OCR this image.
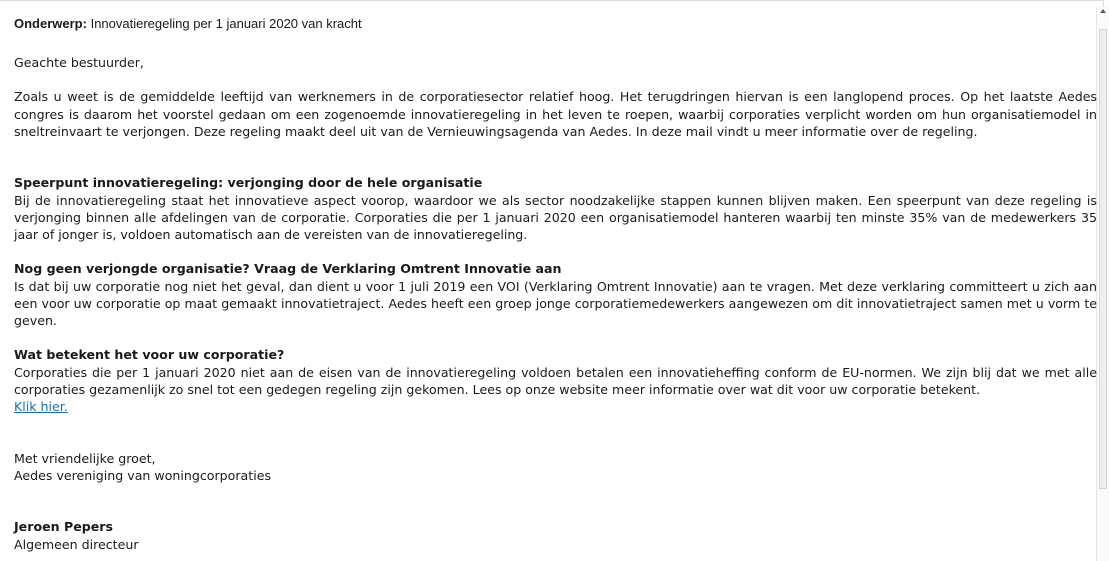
Onderwerp: Innovatieregeling per 1 januari 2020 van kracht

Geachte bestuurder,

Zoals u weet is de gemiddelde leeftijd van werknemers in de corporatiesector relatief hoog. Het terugdringen hiervan is een langlopend proces. Op het laatste Aedes congres is daarom het voorstel gedaan om een zogenoemde innovatieregeling in het leven te roepen, waarbij corporaties verplicht worden om hun organisatiemodel in sneltreinvaart te verjongen. Deze regeling maakt deel uit van de Vernieuwingsagenda van Aedes. In deze mail vindt u meer informatie over de regeling.

Speerpunt innovatieregeling: verjonging door de hele organisatie

Bij de innovatieregeling staat het innovatieve aspect voorop, waardoor we als sector noodzakelijke stappen kunnen blijven maken. Een speerpunt van deze regeling is verjonging binnen alle afdelingen van de corporatie. Corporaties die per 1 januari 2020 een organisatiemodel hanteren waarbij ten minste 35% van de medewerkers 35 jaar of jonger is, voldoen automatisch aan de vereisten van de innovatieregeling.

Nog geen verjongde organisatie? Vraag de Verklaring Omtrent Innovatie aan

Is dat bij uw corporatie nog niet het geval, dan dient u voor 1 juli 2019 een VOI (Verklaring Omtrent Innovatie) aan te vragen. Met deze verklaring committeert u zich aan een voor uw corporatie op maat gemaakt innovatietraject. Aedes heeft een groep jonge corporatiemedewerkers aangewezen om dit innovatietraject samen met u vorm te geven.

Wat betekent het voor uw corporatie?

Corporaties die per 1 januari 2020 niet aan de eisen van de innovatieregeling voldoen betalen een innovatieheffing conform de EU-normen. We zijn blij dat we met alle corporaties gezamenlijk zo snel tot een gedegen regeling zijn gekomen. Lees op onze website meer informatie over wat dit voor uw corporatie betekent.

Klik hier.

Met vriendelijke groet,

Aedes vereniging van woningcorporaties

Jeroen Pepers

Algemeen directeur
